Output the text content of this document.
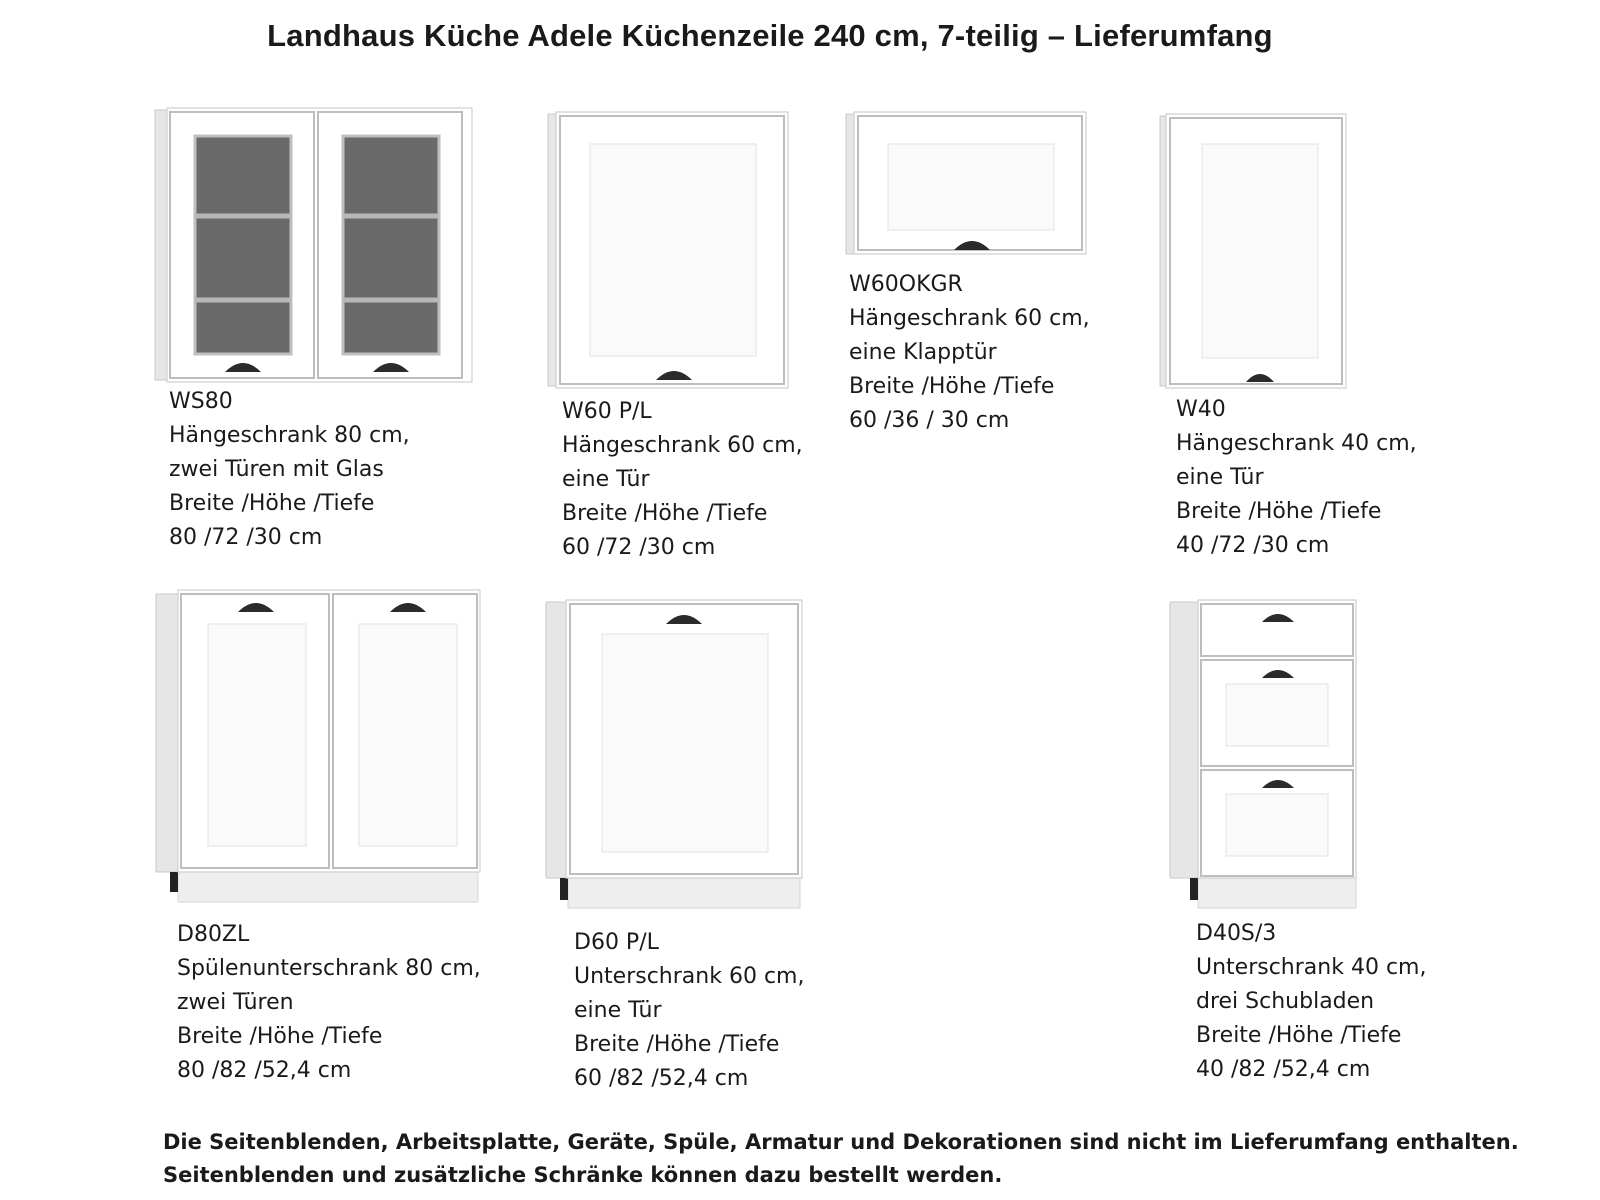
Landhaus Küche Adele Küchenzeile 240 cm, 7-teilig – Lieferumfang
WS80
Hängeschrank 80 cm,
zwei Türen mit Glas
Breite /Höhe /Tiefe
80 /72 /30 cm
W60 P/L
Hängeschrank 60 cm,
eine Tür
Breite /Höhe /Tiefe
60 /72 /30 cm
W60OKGR
Hängeschrank 60 cm,
eine Klapptür
Breite /Höhe /Tiefe
60 /36 / 30 cm	W40
Hängeschrank 40 cm,
eine Tür
Breite /Höhe /Tiefe
40 /72 /30 cm
D80ZL
Spülenunterschrank 80 cm,
zwei Türen
Breite /Höhe /Tiefe
80 /82 /52,4 cm
D60 P/L
Unterschrank 60 cm,
eine Tür
Breite /Höhe /Tiefe
60 /82 /52,4 cm
D40S/3
Unterschrank 40 cm,
drei Schubladen
Breite /Höhe /Tiefe
40 /82 /52,4 cm
Die Seitenblenden, Arbeitsplatte, Geräte, Spüle, Armatur und Dekorationen sind nicht im Lieferumfang enthalten.
Seitenblenden und zusätzliche Schränke können dazu bestellt werden.
